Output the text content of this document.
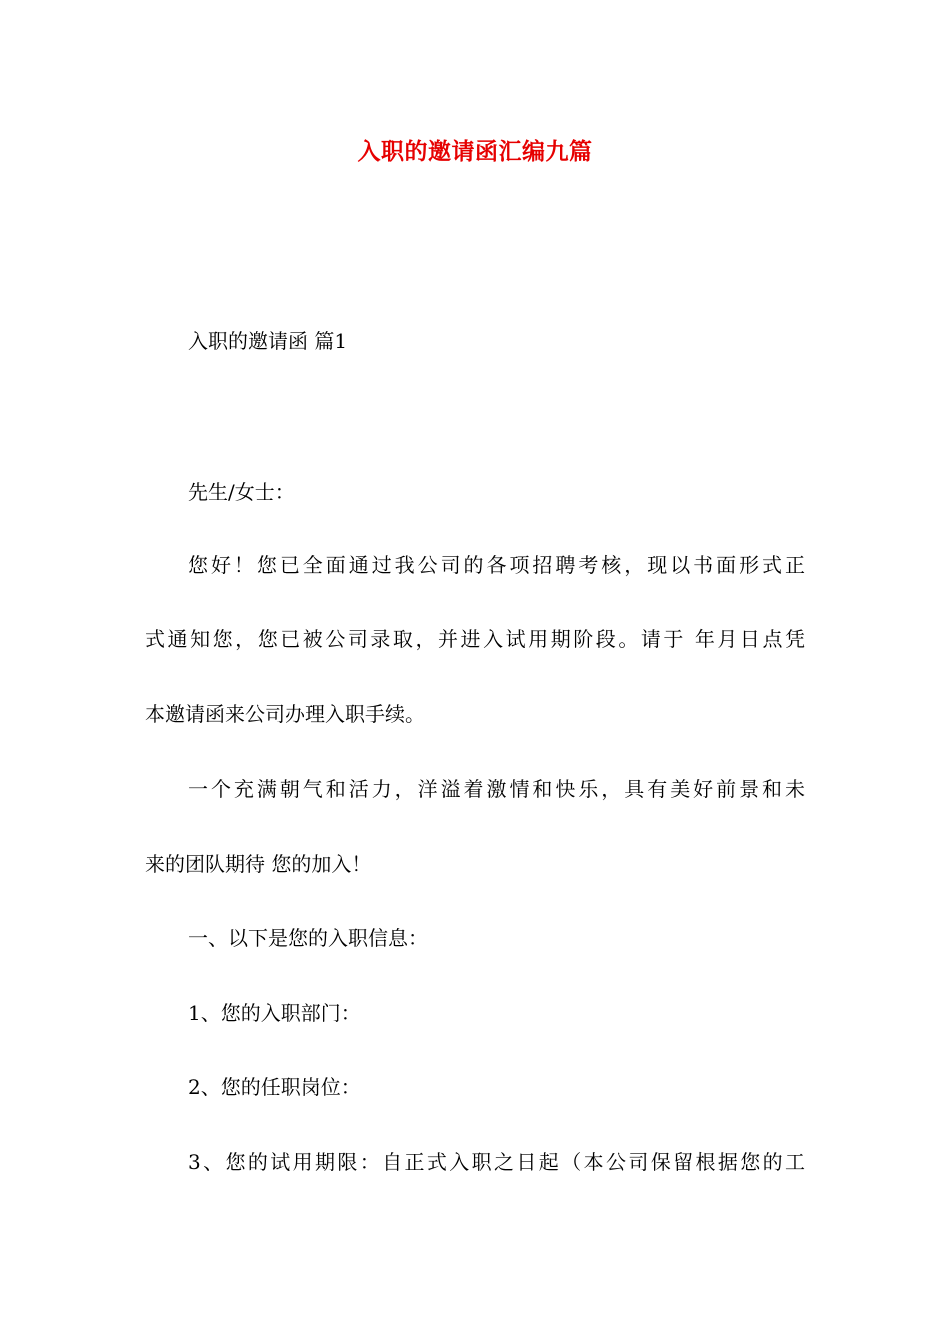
入职的邀请函汇编九篇
入职的邀请函 篇1
先生/女士：
您好！您已全面通过我公司的各项招聘考核，现以书面形式正
式通知您，您已被公司录取，并进入试用期阶段。请于 年月日点凭
本邀请函来公司办理入职手续。
一个充满朝气和活力，洋溢着激情和快乐，具有美好前景和未
来的团队期待 您的加入！
一、以下是您的入职信息：
1、您的入职部门：
2、您的任职岗位：
3、您的试用期限：自正式入职之日起（本公司保留根据您的工
